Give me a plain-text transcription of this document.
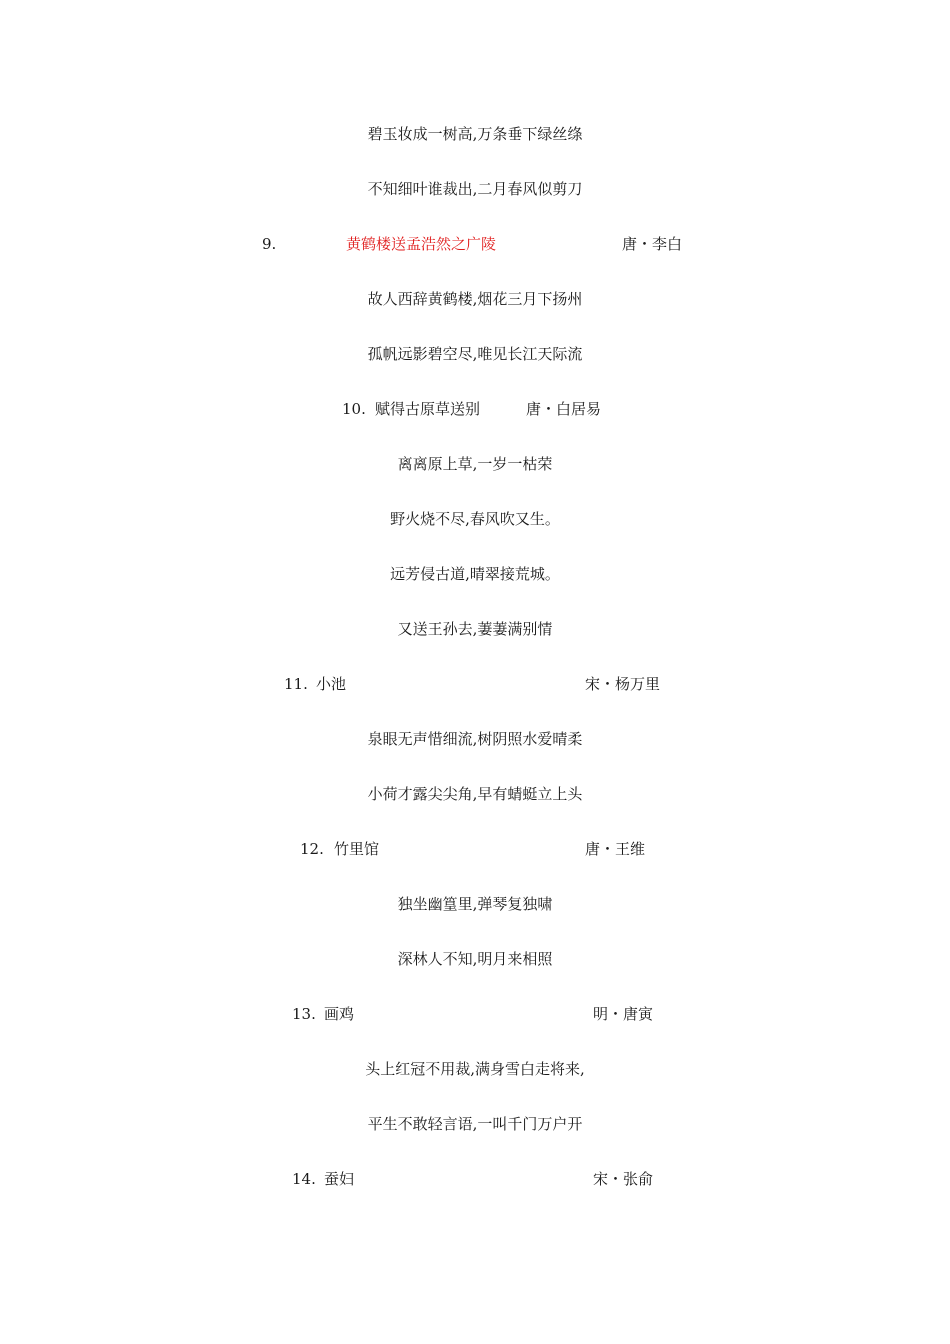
碧玉妆成一树高,万条垂下绿丝绦
不知细叶谁裁出,二月春风似剪刀
9.	黄鹤楼送孟浩然之广陵	唐・李白
故人西辞黄鹤楼,烟花三月下扬州
孤帆远影碧空尽,唯见长江天际流
10. 赋得古原草送别	唐・白居易
离离原上草,一岁一枯荣
野火烧不尽,春风吹又生。
远芳侵古道,晴翠接荒城。
又送王孙去,萋萋满别情
11. 小池	宋・杨万里
泉眼无声惜细流,树阴照水爱晴柔
小荷才露尖尖角,早有蜻蜓立上头
12. 竹里馆	唐・王维
独坐幽篁里,弹琴复独啸
深林人不知,明月来相照
13. 画鸡	明・唐寅
头上红冠不用裁,满身雪白走将来,
平生不敢轻言语,一叫千门万户开
14. 蚕妇	宋・张俞
